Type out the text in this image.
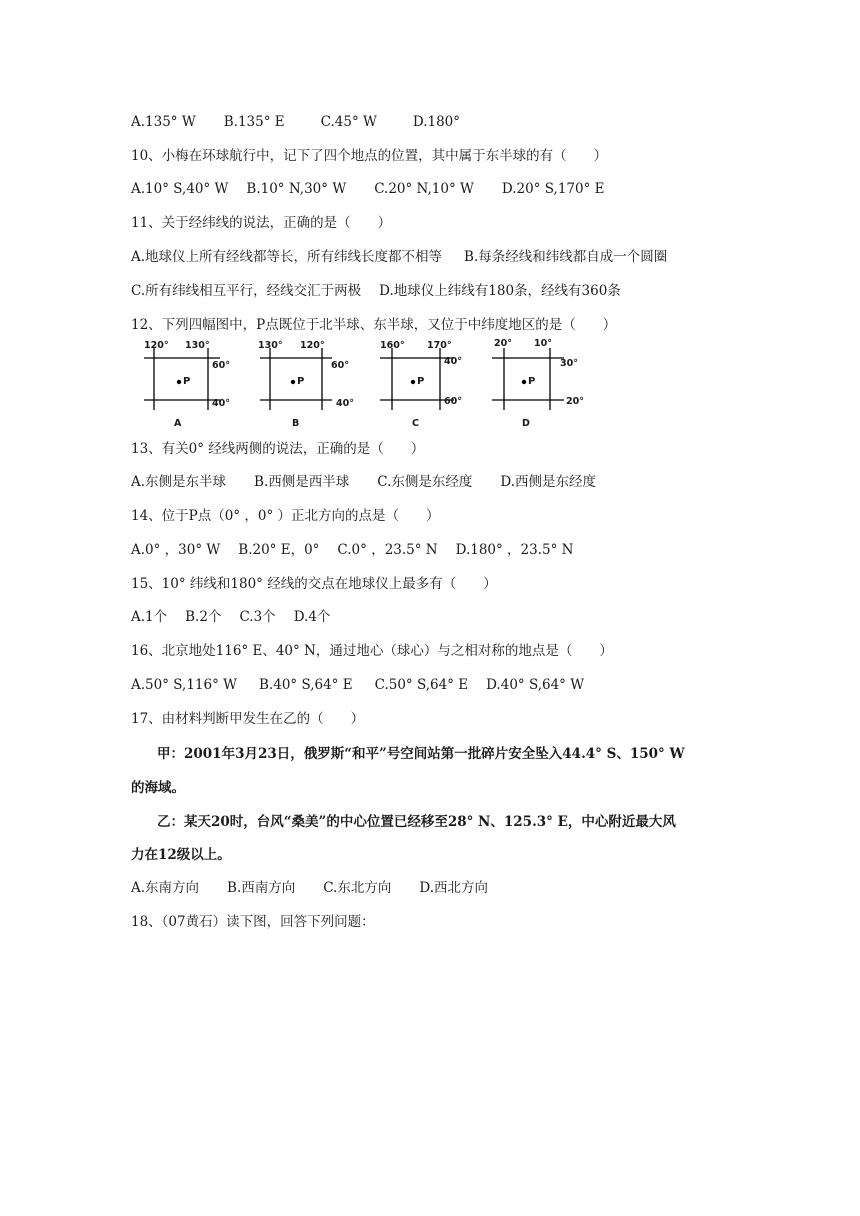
A.135° W B.135° E	C.45° W	D.180°
10、小梅在环球航行中，记下了四个地点的位置，其中属于东半球的有（　　）
A.10° S,40° W B.10° N,30° W C.20° N,10° W D.20° S,170° E
11、关于经纬线的说法，正确的是（　　）
A.地球仪上所有经线都等长，所有纬线长度都不相等 B.每条经线和纬线都自成一个圆圈
C.所有纬线相互平行，经线交汇于两极 D.地球仪上纬线有180条，经线有360条
12、下列四幅图中，P点既位于北半球、东半球，又位于中纬度地区的是（　　）
120° 130°
60°
40°
P
A
130° 120°
60°
40°
P
B
160° 170°
40°
60°
P
C
20° 10°
30°
20°
P
D
13、有关0° 经线两侧的说法，正确的是（　　）
A.东侧是东半球 B.西侧是西半球 C.东侧是东经度 D.西侧是东经度
14、位于P点（0° ，0° ）正北方向的点是（　　）
A.0° ，30° W B.20° E，0° C.0° ，23.5° N D.180° ，23.5° N
15、10° 纬线和180° 经线的交点在地球仪上最多有（　　）
A.1个 B.2个 C.3个 D.4个
16、北京地处116° E、40° N，通过地心（球心）与之相对称的地点是（　　）
A.50° S,116° W B.40° S,64° E C.50° S,64° E D.40° S,64° W
17、由材料判断甲发生在乙的（　　）
甲：2001年3月23日，俄罗斯“和平”号空间站第一批碎片安全坠入44.4° S、150° W
的海域。
乙：某天20时，台风“桑美”的中心位置已经移至28° N、125.3° E，中心附近最大风
力在12级以上。
A.东南方向 B.西南方向 C.东北方向 D.西北方向
18、（07黄石）读下图，回答下列问题：
